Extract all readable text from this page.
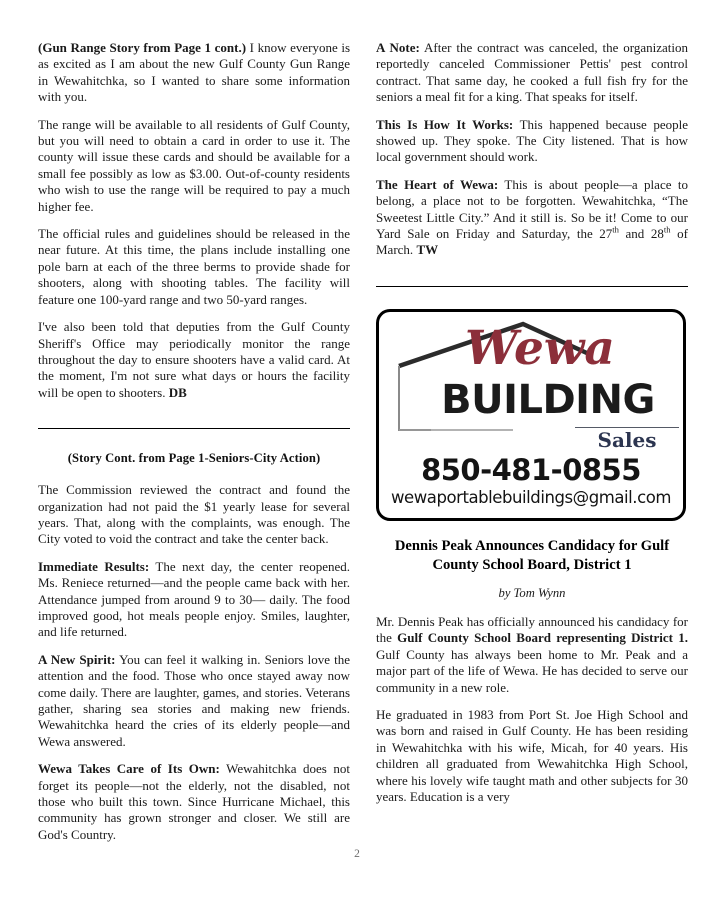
(Gun Range Story from Page 1 cont.) I know everyone is as excited as I am about the new Gulf County Gun Range in Wewahitchka, so I wanted to share some information with you.

The range will be available to all residents of Gulf County, but you will need to obtain a card in order to use it. The county will issue these cards and should be available for a small fee possibly as low as $3.00. Out-of-county residents who wish to use the range will be required to pay a much higher fee.

The official rules and guidelines should be released in the near future. At this time, the plans include installing one pole barn at each of the three berms to provide shade for shooters, along with shooting tables. The facility will feature one 100-yard range and two 50-yard ranges.

I've also been told that deputies from the Gulf County Sheriff's Office may periodically monitor the range throughout the day to ensure shooters have a valid card. At the moment, I'm not sure what days or hours the facility will be open to shooters. DB

(Story Cont. from Page 1-Seniors-City Action)

The Commission reviewed the contract and found the organization had not paid the $1 yearly lease for several years. That, along with the complaints, was enough. The City voted to void the contract and take the center back.

Immediate Results: The next day, the center reopened. Ms. Reniece returned—and the people came back with her. Attendance jumped from around 9 to 30— daily. The food improved good, hot meals people enjoy. Smiles, laughter, and life returned.

A New Spirit: You can feel it walking in. Seniors love the attention and the food. Those who once stayed away now come daily. There are laughter, games, and stories. Veterans gather, sharing sea stories and making new friends. Wewahitchka heard the cries of its elderly people—and Wewa answered.

Wewa Takes Care of Its Own: Wewahitchka does not forget its people—not the elderly, not the disabled, not those who built this town. Since Hurricane Michael, this community has grown stronger and closer. We still are God's Country.

A Note: After the contract was canceled, the organization reportedly canceled Commissioner Pettis' pest control contract. That same day, he cooked a full fish fry for the seniors a meal fit for a king. That speaks for itself.

This Is How It Works: This happened because people showed up. They spoke. The City listened. That is how local government should work.

The Heart of Wewa: This is about people—a place to belong, a place not to be forgotten. Wewahitchka, “The Sweetest Little City.” And it still is. So be it! Come to our Yard Sale on Friday and Saturday, the 27th and 28th of March. TW

Wewa
BUILDING
Sales
850-481-0855
wewaportablebuildings@gmail.com
Dennis Peak Announces Candidacy for Gulf County School Board, District 1
by Tom Wynn

Mr. Dennis Peak has officially announced his candidacy for the Gulf County School Board representing District 1. Gulf County has always been home to Mr. Peak and a major part of the life of Wewa. He has decided to serve our community in a new role.

He graduated in 1983 from Port St. Joe High School and was born and raised in Gulf County. He has been residing in Wewahitchka with his wife, Micah, for 40 years. His children all graduated from Wewahitchka High School, where his lovely wife taught math and other subjects for 30 years. Education is a very

2
